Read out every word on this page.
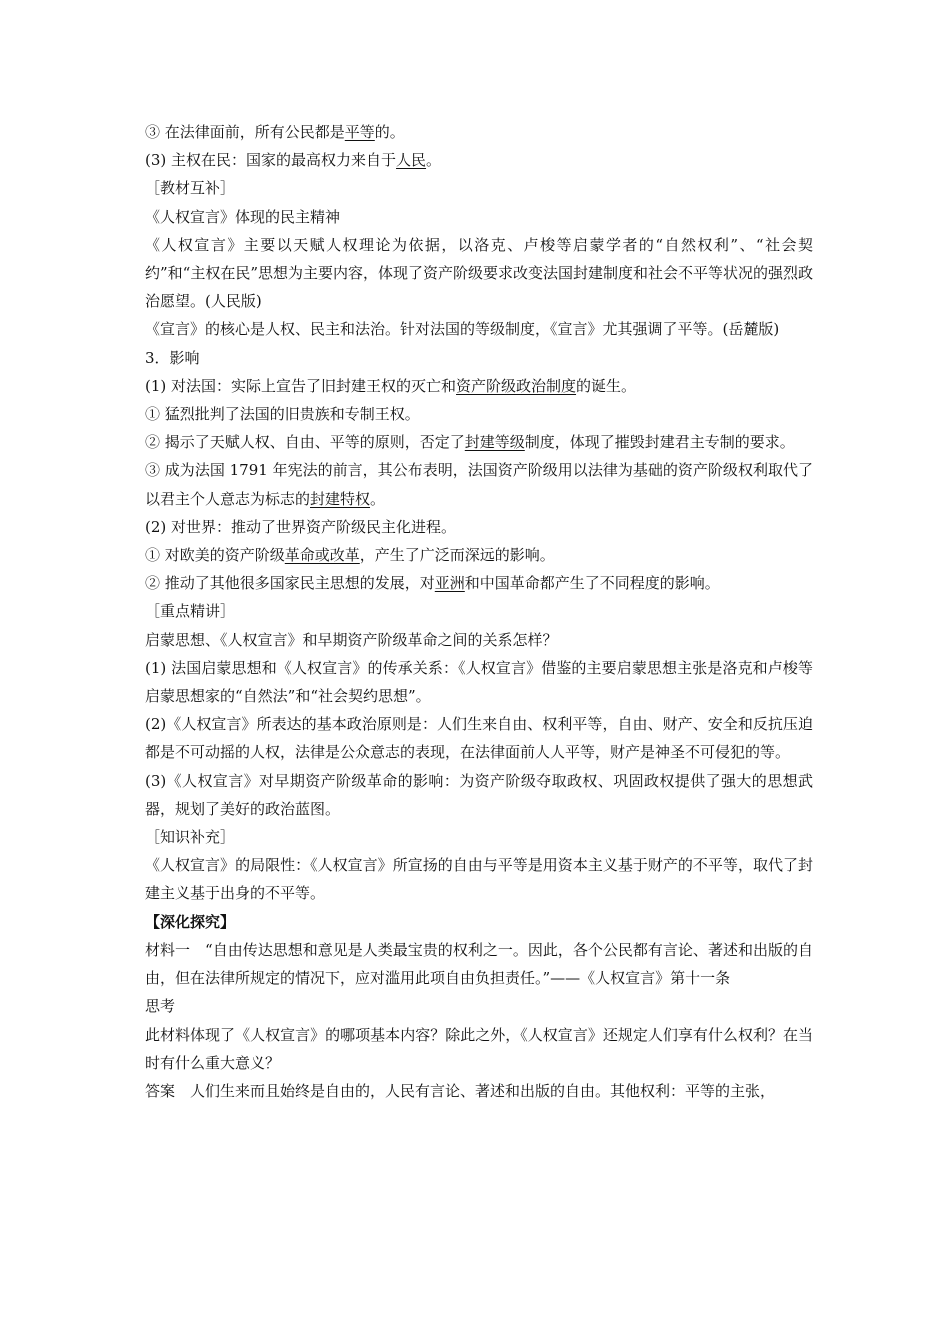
③ 在法律面前，所有公民都是平等的。

(3) 主权在民：国家的最高权力来自于人民。

［教材互补］

《人权宣言》体现的民主精神

《人权宣言》主要以天赋人权理论为依据，以洛克、卢梭等启蒙学者的“自然权利”、“社会契约”和“主权在民”思想为主要内容，体现了资产阶级要求改变法国封建制度和社会不平等状况的强烈政治愿望。(人民版)

《宣言》的核心是人权、民主和法治。针对法国的等级制度，《宣言》尤其强调了平等。(岳麓版)

3．影响

(1) 对法国：实际上宣告了旧封建王权的灭亡和资产阶级政治制度的诞生。

① 猛烈批判了法国的旧贵族和专制王权。

② 揭示了天赋人权、自由、平等的原则，否定了封建等级制度，体现了摧毁封建君主专制的要求。

③ 成为法国 1791 年宪法的前言，其公布表明，法国资产阶级用以法律为基础的资产阶级权利取代了以君主个人意志为标志的封建特权。

(2) 对世界：推动了世界资产阶级民主化进程。

① 对欧美的资产阶级革命或改革，产生了广泛而深远的影响。

② 推动了其他很多国家民主思想的发展，对亚洲和中国革命都产生了不同程度的影响。

［重点精讲］

启蒙思想、《人权宣言》和早期资产阶级革命之间的关系怎样？

(1) 法国启蒙思想和《人权宣言》的传承关系：《人权宣言》借鉴的主要启蒙思想主张是洛克和卢梭等启蒙思想家的“自然法”和“社会契约思想”。

(2)《人权宣言》所表达的基本政治原则是：人们生来自由、权利平等，自由、财产、安全和反抗压迫都是不可动摇的人权，法律是公众意志的表现，在法律面前人人平等，财产是神圣不可侵犯的等。

(3)《人权宣言》对早期资产阶级革命的影响：为资产阶级夺取政权、巩固政权提供了强大的思想武器，规划了美好的政治蓝图。

［知识补充］

《人权宣言》的局限性：《人权宣言》所宣扬的自由与平等是用资本主义基于财产的不平等，取代了封建主义基于出身的不平等。

【深化探究】

材料一　“自由传达思想和意见是人类最宝贵的权利之一。因此，各个公民都有言论、著述和出版的自由，但在法律所规定的情况下，应对滥用此项自由负担责任。”——《人权宣言》第十一条

思考

此材料体现了《人权宣言》的哪项基本内容？除此之外，《人权宣言》还规定人们享有什么权利？在当时有什么重大意义？

答案　人们生来而且始终是自由的，人民有言论、著述和出版的自由。其他权利：平等的主张，
